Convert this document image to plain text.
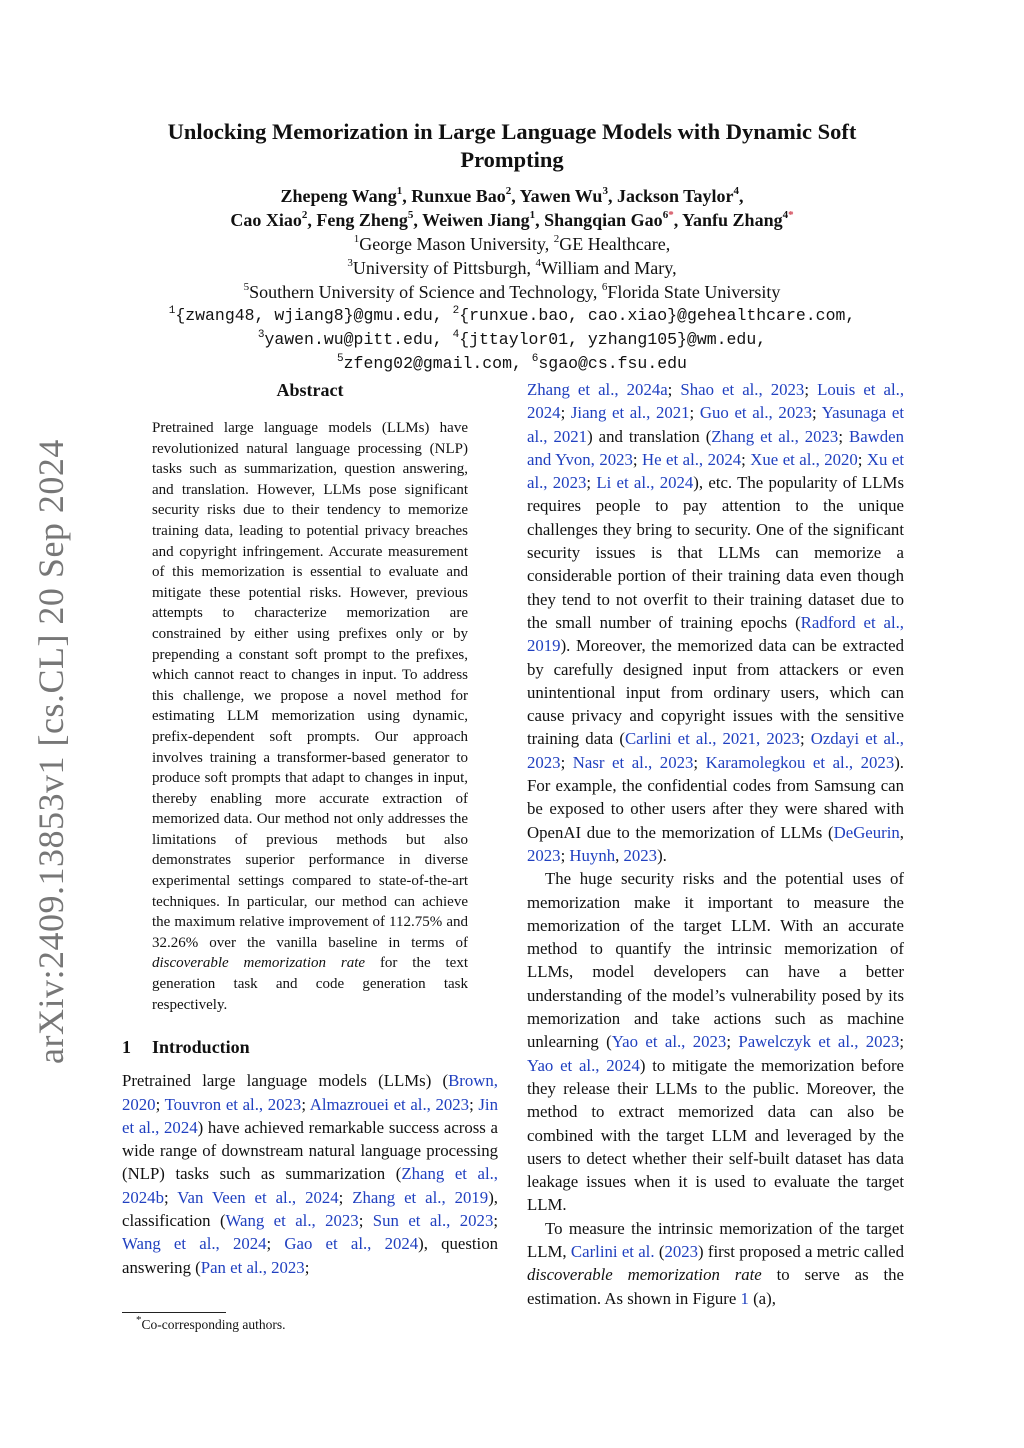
arXiv:2409.13853v1 [cs.CL] 20 Sep 2024
Unlocking Memorization in Large Language Models with Dynamic Soft Prompting
Zhepeng Wang$^1$, Runxue Bao$^2$, Yawen Wu$^3$, Jackson Taylor$^4$,
Cao Xiao$^2$, Feng Zheng$^5$, Weiwen Jiang$^1$, Shangqian Gao$^{6*}$, Yanfu Zhang$^{4*}$
$^1$George Mason University, $^2$GE Healthcare,
$^3$University of Pittsburgh, $^4$William and Mary,
$^5$Southern University of Science and Technology, $^6$Florida State University
$^1${zwang48, wjiang8}@gmu.edu, $^2${runxue.bao, cao.xiao}@gehealthcare.com,
$^3$yawen.wu@pitt.edu, $^4${jttaylor01, yzhang105}@wm.edu,
$^5$zfeng02@gmail.com, $^6$sgao@cs.fsu.edu
Abstract

Pretrained large language models (LLMs) have revolutionized natural language processing (NLP) tasks such as summarization, question answering, and translation. However, LLMs pose significant security risks due to their tendency to memorize training data, leading to potential privacy breaches and copyright infringement. Accurate measurement of this memorization is essential to evaluate and mitigate these potential risks. However, previous attempts to characterize memorization are constrained by either using prefixes only or by prepending a constant soft prompt to the prefixes, which cannot react to changes in input. To address this challenge, we propose a novel method for estimating LLM memorization using dynamic, prefix-dependent soft prompts. Our approach involves training a transformer-based generator to produce soft prompts that adapt to changes in input, thereby enabling more accurate extraction of memorized data. Our method not only addresses the limitations of previous methods but also demonstrates superior performance in diverse experimental settings compared to state-of-the-art techniques. In particular, our method can achieve the maximum relative improvement of 112.75% and 32.26% over the vanilla baseline in terms of discoverable memorization rate for the text generation task and code generation task respectively.

1 Introduction

Pretrained large language models (LLMs) (Brown, 2020; Touvron et al., 2023; Almazrouei et al., 2023; Jin et al., 2024) have achieved remarkable success across a wide range of downstream natural language processing (NLP) tasks such as summarization (Zhang et al., 2024b; Van Veen et al., 2024; Zhang et al., 2019), classification (Wang et al., 2023; Sun et al., 2023; Wang et al., 2024; Gao et al., 2024), question answering (Pan et al., 2023;

Zhang et al., 2024a; Shao et al., 2023; Louis et al., 2024; Jiang et al., 2021; Guo et al., 2023; Yasunaga et al., 2021) and translation (Zhang et al., 2023; Bawden and Yvon, 2023; He et al., 2024; Xue et al., 2020; Xu et al., 2023; Li et al., 2024), etc. The popularity of LLMs requires people to pay attention to the unique challenges they bring to security. One of the significant security issues is that LLMs can memorize a considerable portion of their training data even though they tend to not overfit to their training dataset due to the small number of training epochs (Radford et al., 2019). Moreover, the memorized data can be extracted by carefully designed input from attackers or even unintentional input from ordinary users, which can cause privacy and copyright issues with the sensitive training data (Carlini et al., 2021, 2023; Ozdayi et al., 2023; Nasr et al., 2023; Karamolegkou et al., 2023). For example, the confidential codes from Samsung can be exposed to other users after they were shared with OpenAI due to the memorization of LLMs (DeGeurin, 2023; Huynh, 2023).

The huge security risks and the potential uses of memorization make it important to measure the memorization of the target LLM. With an accurate method to quantify the intrinsic memorization of LLMs, model developers can have a better understanding of the model’s vulnerability posed by its memorization and take actions such as machine unlearning (Yao et al., 2023; Pawelczyk et al., 2023; Yao et al., 2024) to mitigate the memorization before they release their LLMs to the public. Moreover, the method to extract memorized data can also be combined with the target LLM and leveraged by the users to detect whether their self-built dataset has data leakage issues when it is used to evaluate the target LLM.

To measure the intrinsic memorization of the target LLM, Carlini et al. (2023) first proposed a metric called discoverable memorization rate to serve as the estimation. As shown in Figure 1 (a),

*Co-corresponding authors.
